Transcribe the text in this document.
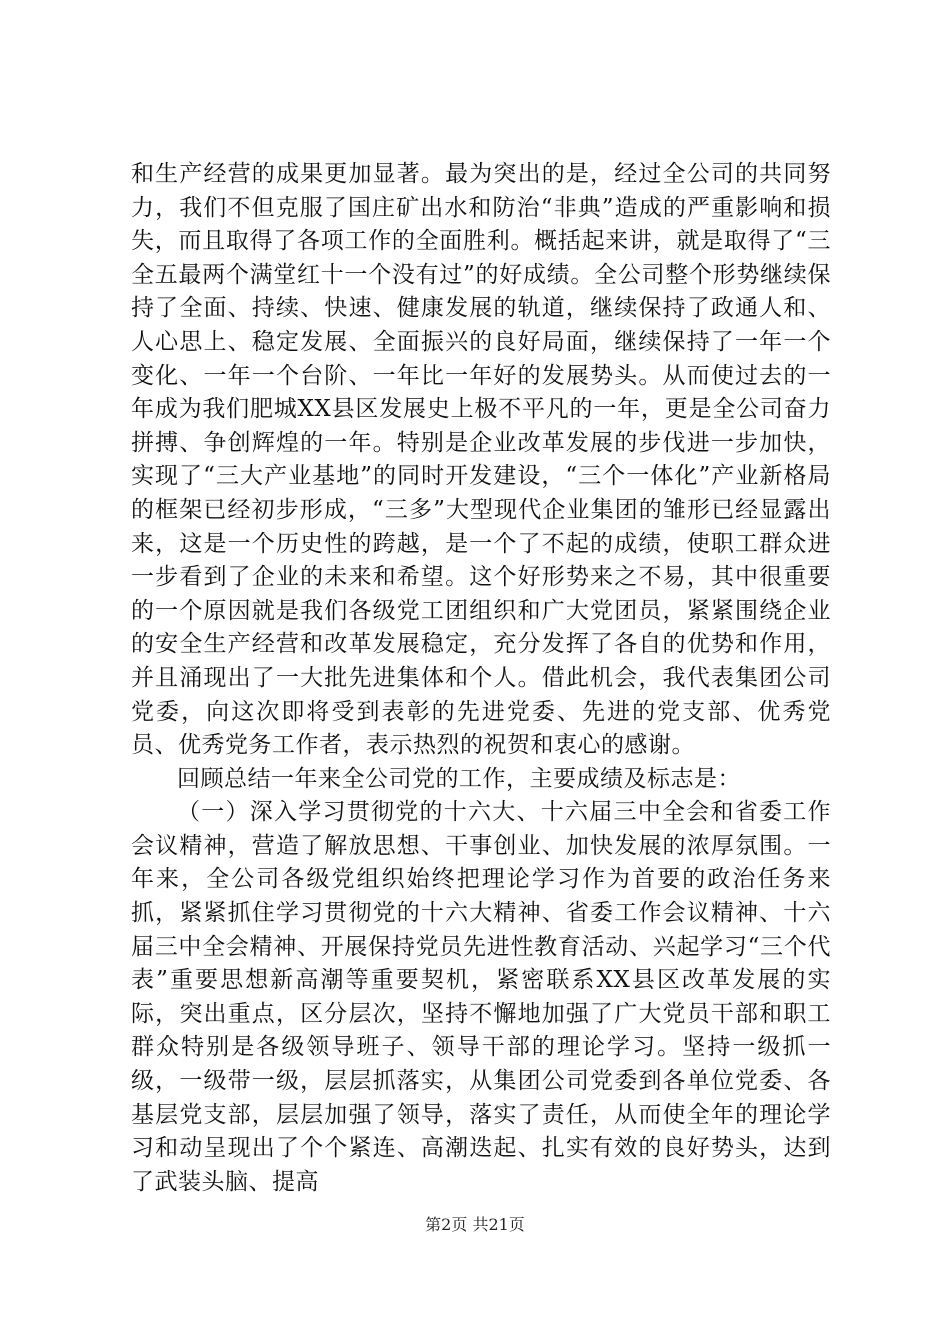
和生产经营的成果更加显著。最为突出的是，经过全公司的共同努力，我们不但克服了国庄矿出水和防治“非典”造成的严重影响和损失，而且取得了各项工作的全面胜利。概括起来讲，就是取得了“三全五最两个满堂红十一个没有过”的好成绩。全公司整个形势继续保持了全面、持续、快速、健康发展的轨道，继续保持了政通人和、人心思上、稳定发展、全面振兴的良好局面，继续保持了一年一个变化、一年一个台阶、一年比一年好的发展势头。从而使过去的一年成为我们肥城XX县区发展史上极不平凡的一年，更是全公司奋力拼搏、争创辉煌的一年。特别是企业改革发展的步伐进一步加快，实现了“三大产业基地”的同时开发建设，“三个一体化”产业新格局的框架已经初步形成，“三多”大型现代企业集团的雏形已经显露出来，这是一个历史性的跨越，是一个了不起的成绩，使职工群众进一步看到了企业的未来和希望。这个好形势来之不易，其中很重要的一个原因就是我们各级党工团组织和广大党团员，紧紧围绕企业的安全生产经营和改革发展稳定，充分发挥了各自的优势和作用，并且涌现出了一大批先进集体和个人。借此机会，我代表集团公司党委，向这次即将受到表彰的先进党委、先进的党支部、优秀党员、优秀党务工作者，表示热烈的祝贺和衷心的感谢。

回顾总结一年来全公司党的工作，主要成绩及标志是：

（一）深入学习贯彻党的十六大、十六届三中全会和省委工作会议精神，营造了解放思想、干事创业、加快发展的浓厚氛围。一年来，全公司各级党组织始终把理论学习作为首要的政治任务来抓，紧紧抓住学习贯彻党的十六大精神、省委工作会议精神、十六届三中全会精神、开展保持党员先进性教育活动、兴起学习“三个代表”重要思想新高潮等重要契机，紧密联系XX县区改革发展的实际，突出重点，区分层次，坚持不懈地加强了广大党员干部和职工群众特别是各级领导班子、领导干部的理论学习。坚持一级抓一级，一级带一级，层层抓落实，从集团公司党委到各单位党委、各基层党支部，层层加强了领导，落实了责任，从而使全年的理论学习和动呈现出了个个紧连、高潮迭起、扎实有效的良好势头，达到了武装头脑、提高

第2页 共21页
